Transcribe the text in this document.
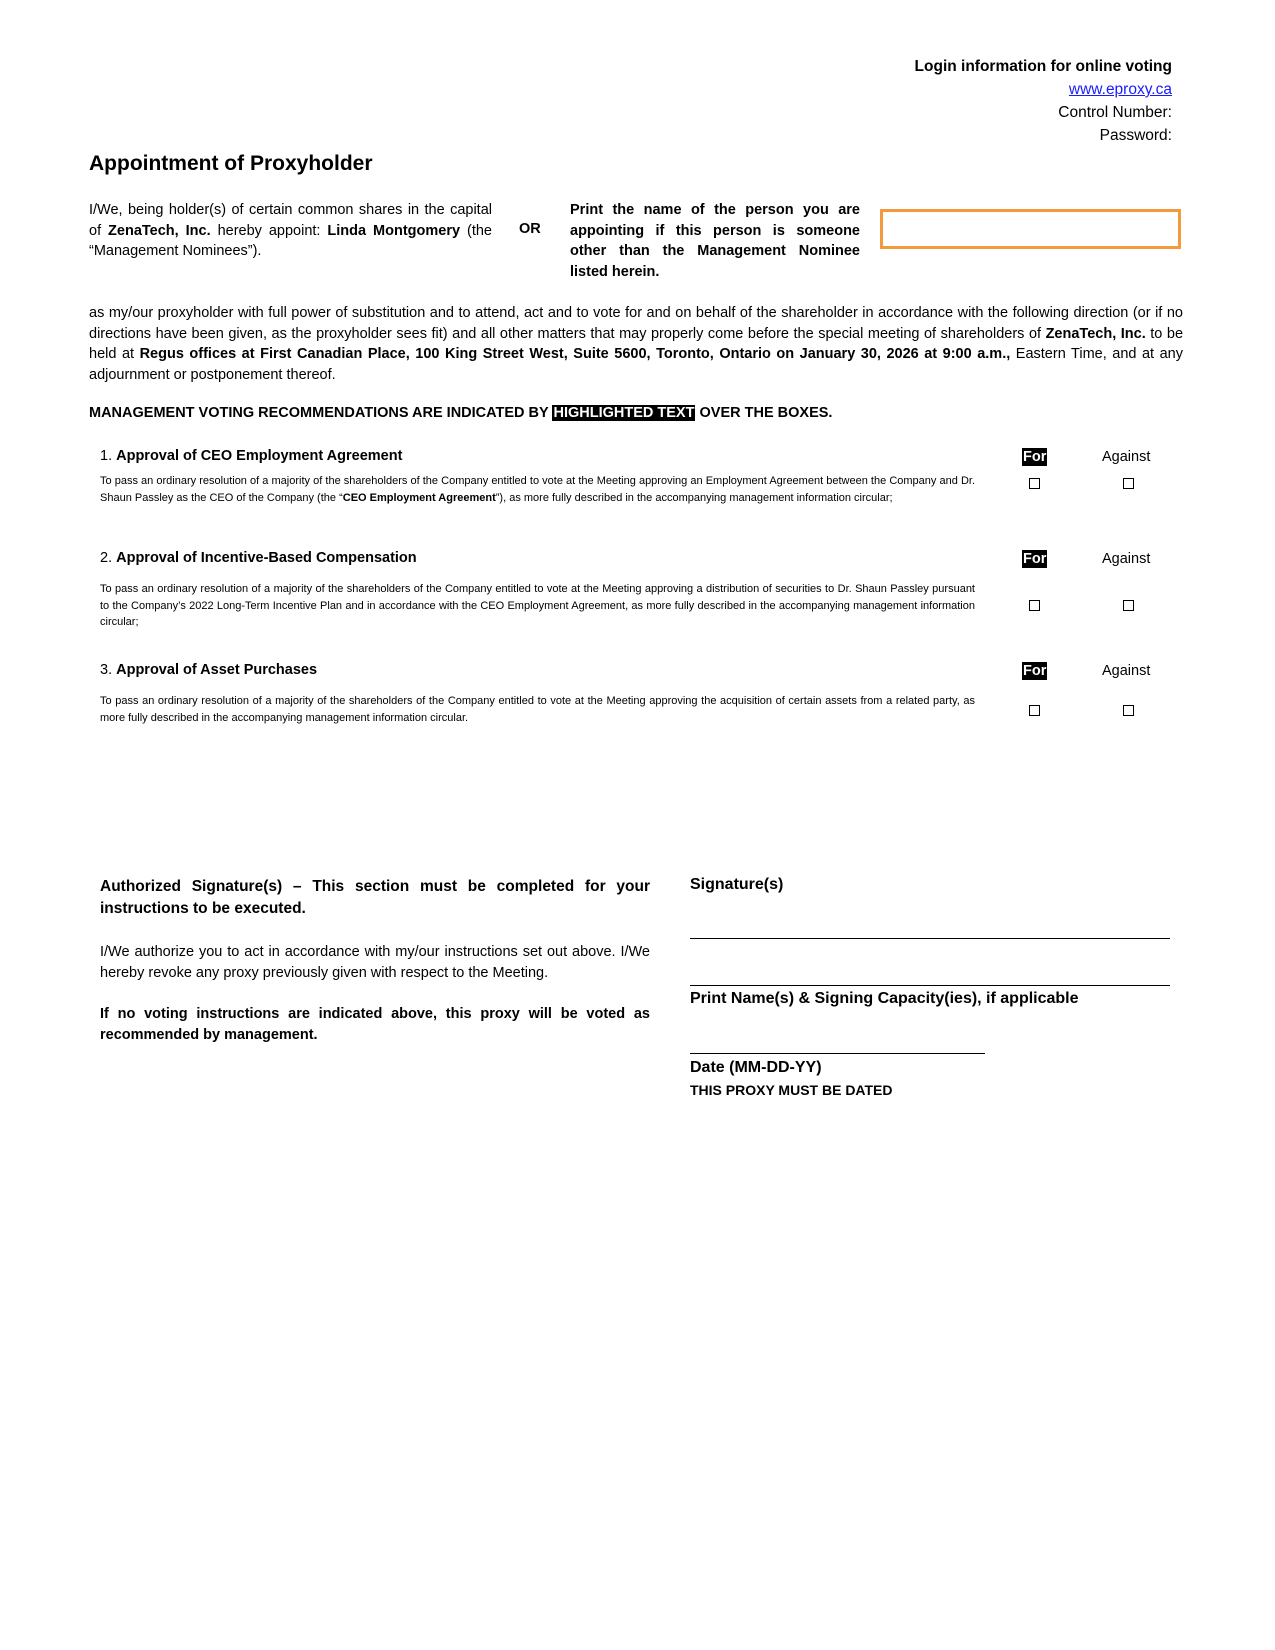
Login information for online voting
www.eproxy.ca
Control Number:
Password:
Appointment of Proxyholder
I/We, being holder(s) of certain common shares in the capital of ZenaTech, Inc. hereby appoint: Linda Montgomery (the “Management Nominees”).
OR
Print the name of the person you are appointing if this person is someone other than the Management Nominee listed herein.
as my/our proxyholder with full power of substitution and to attend, act and to vote for and on behalf of the shareholder in accordance with the following direction (or if no directions have been given, as the proxyholder sees fit) and all other matters that may properly come before the special meeting of shareholders of ZenaTech, Inc. to be held at Regus offices at First Canadian Place, 100 King Street West, Suite 5600, Toronto, Ontario on January 30, 2026 at 9:00 a.m., Eastern Time, and at any adjournment or postponement thereof.
MANAGEMENT VOTING RECOMMENDATIONS ARE INDICATED BY HIGHLIGHTED TEXT OVER THE BOXES.
1. Approval of CEO Employment Agreement
To pass an ordinary resolution of a majority of the shareholders of the Company entitled to vote at the Meeting approving an Employment Agreement between the Company and Dr. Shaun Passley as the CEO of the Company (the “CEO Employment Agreement”), as more fully described in the accompanying management information circular;
For	Against
2. Approval of Incentive-Based Compensation
To pass an ordinary resolution of a majority of the shareholders of the Company entitled to vote at the Meeting approving a distribution of securities to Dr. Shaun Passley pursuant to the Company’s 2022 Long-Term Incentive Plan and in accordance with the CEO Employment Agreement, as more fully described in the accompanying management information circular;
For	Against
3. Approval of Asset Purchases
To pass an ordinary resolution of a majority of the shareholders of the Company entitled to vote at the Meeting approving the acquisition of certain assets from a related party, as more fully described in the accompanying management information circular.
For	Against
Authorized Signature(s) – This section must be completed for your instructions to be executed.
I/We authorize you to act in accordance with my/our instructions set out above. I/We hereby revoke any proxy previously given with respect to the Meeting.
If no voting instructions are indicated above, this proxy will be voted as recommended by management.
Signature(s)
Print Name(s) & Signing Capacity(ies), if applicable
Date (MM-DD-YY)
THIS PROXY MUST BE DATED
